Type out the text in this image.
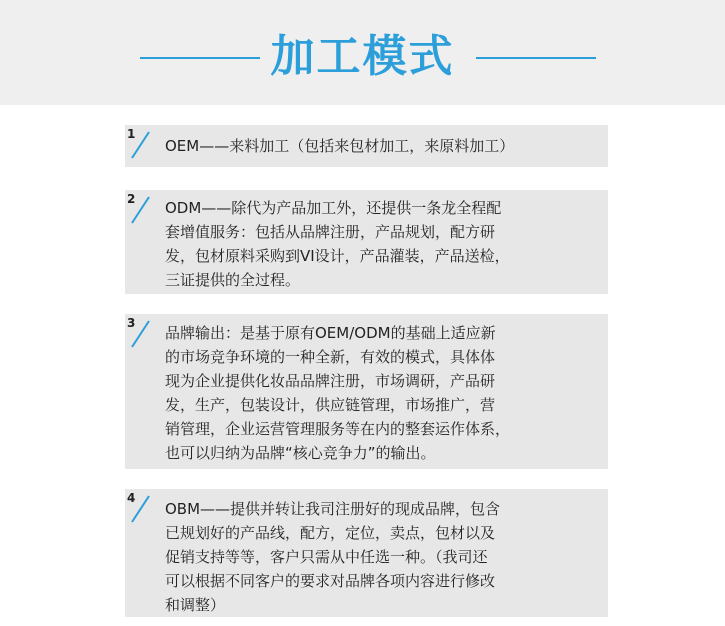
加工模式
1
OEM——来料加工（包括来包材加工，来原料加工）
2 ODM——除代为产品加工外，还提供一条龙全程配
套增值服务：包括从品牌注册，产品规划，配方研
发，包材原料采购到VI设计，产品灌装，产品送检，
三证提供的全过程。
3
品牌输出：是基于原有OEM/ODM的基础上适应新
的市场竞争环境的一种全新，有效的模式，具体体
现为企业提供化妆品品牌注册，市场调研，产品研
发，生产，包装设计，供应链管理，市场推广，营
销管理，企业运营管理服务等在内的整套运作体系，
也可以归纳为品牌“核心竞争力”的输出。
4
OBM——提供并转让我司注册好的现成品牌，包含
已规划好的产品线，配方，定位，卖点，包材以及
促销支持等等，客户只需从中任选一种。（我司还
可以根据不同客户的要求对品牌各项内容进行修改
和调整）
